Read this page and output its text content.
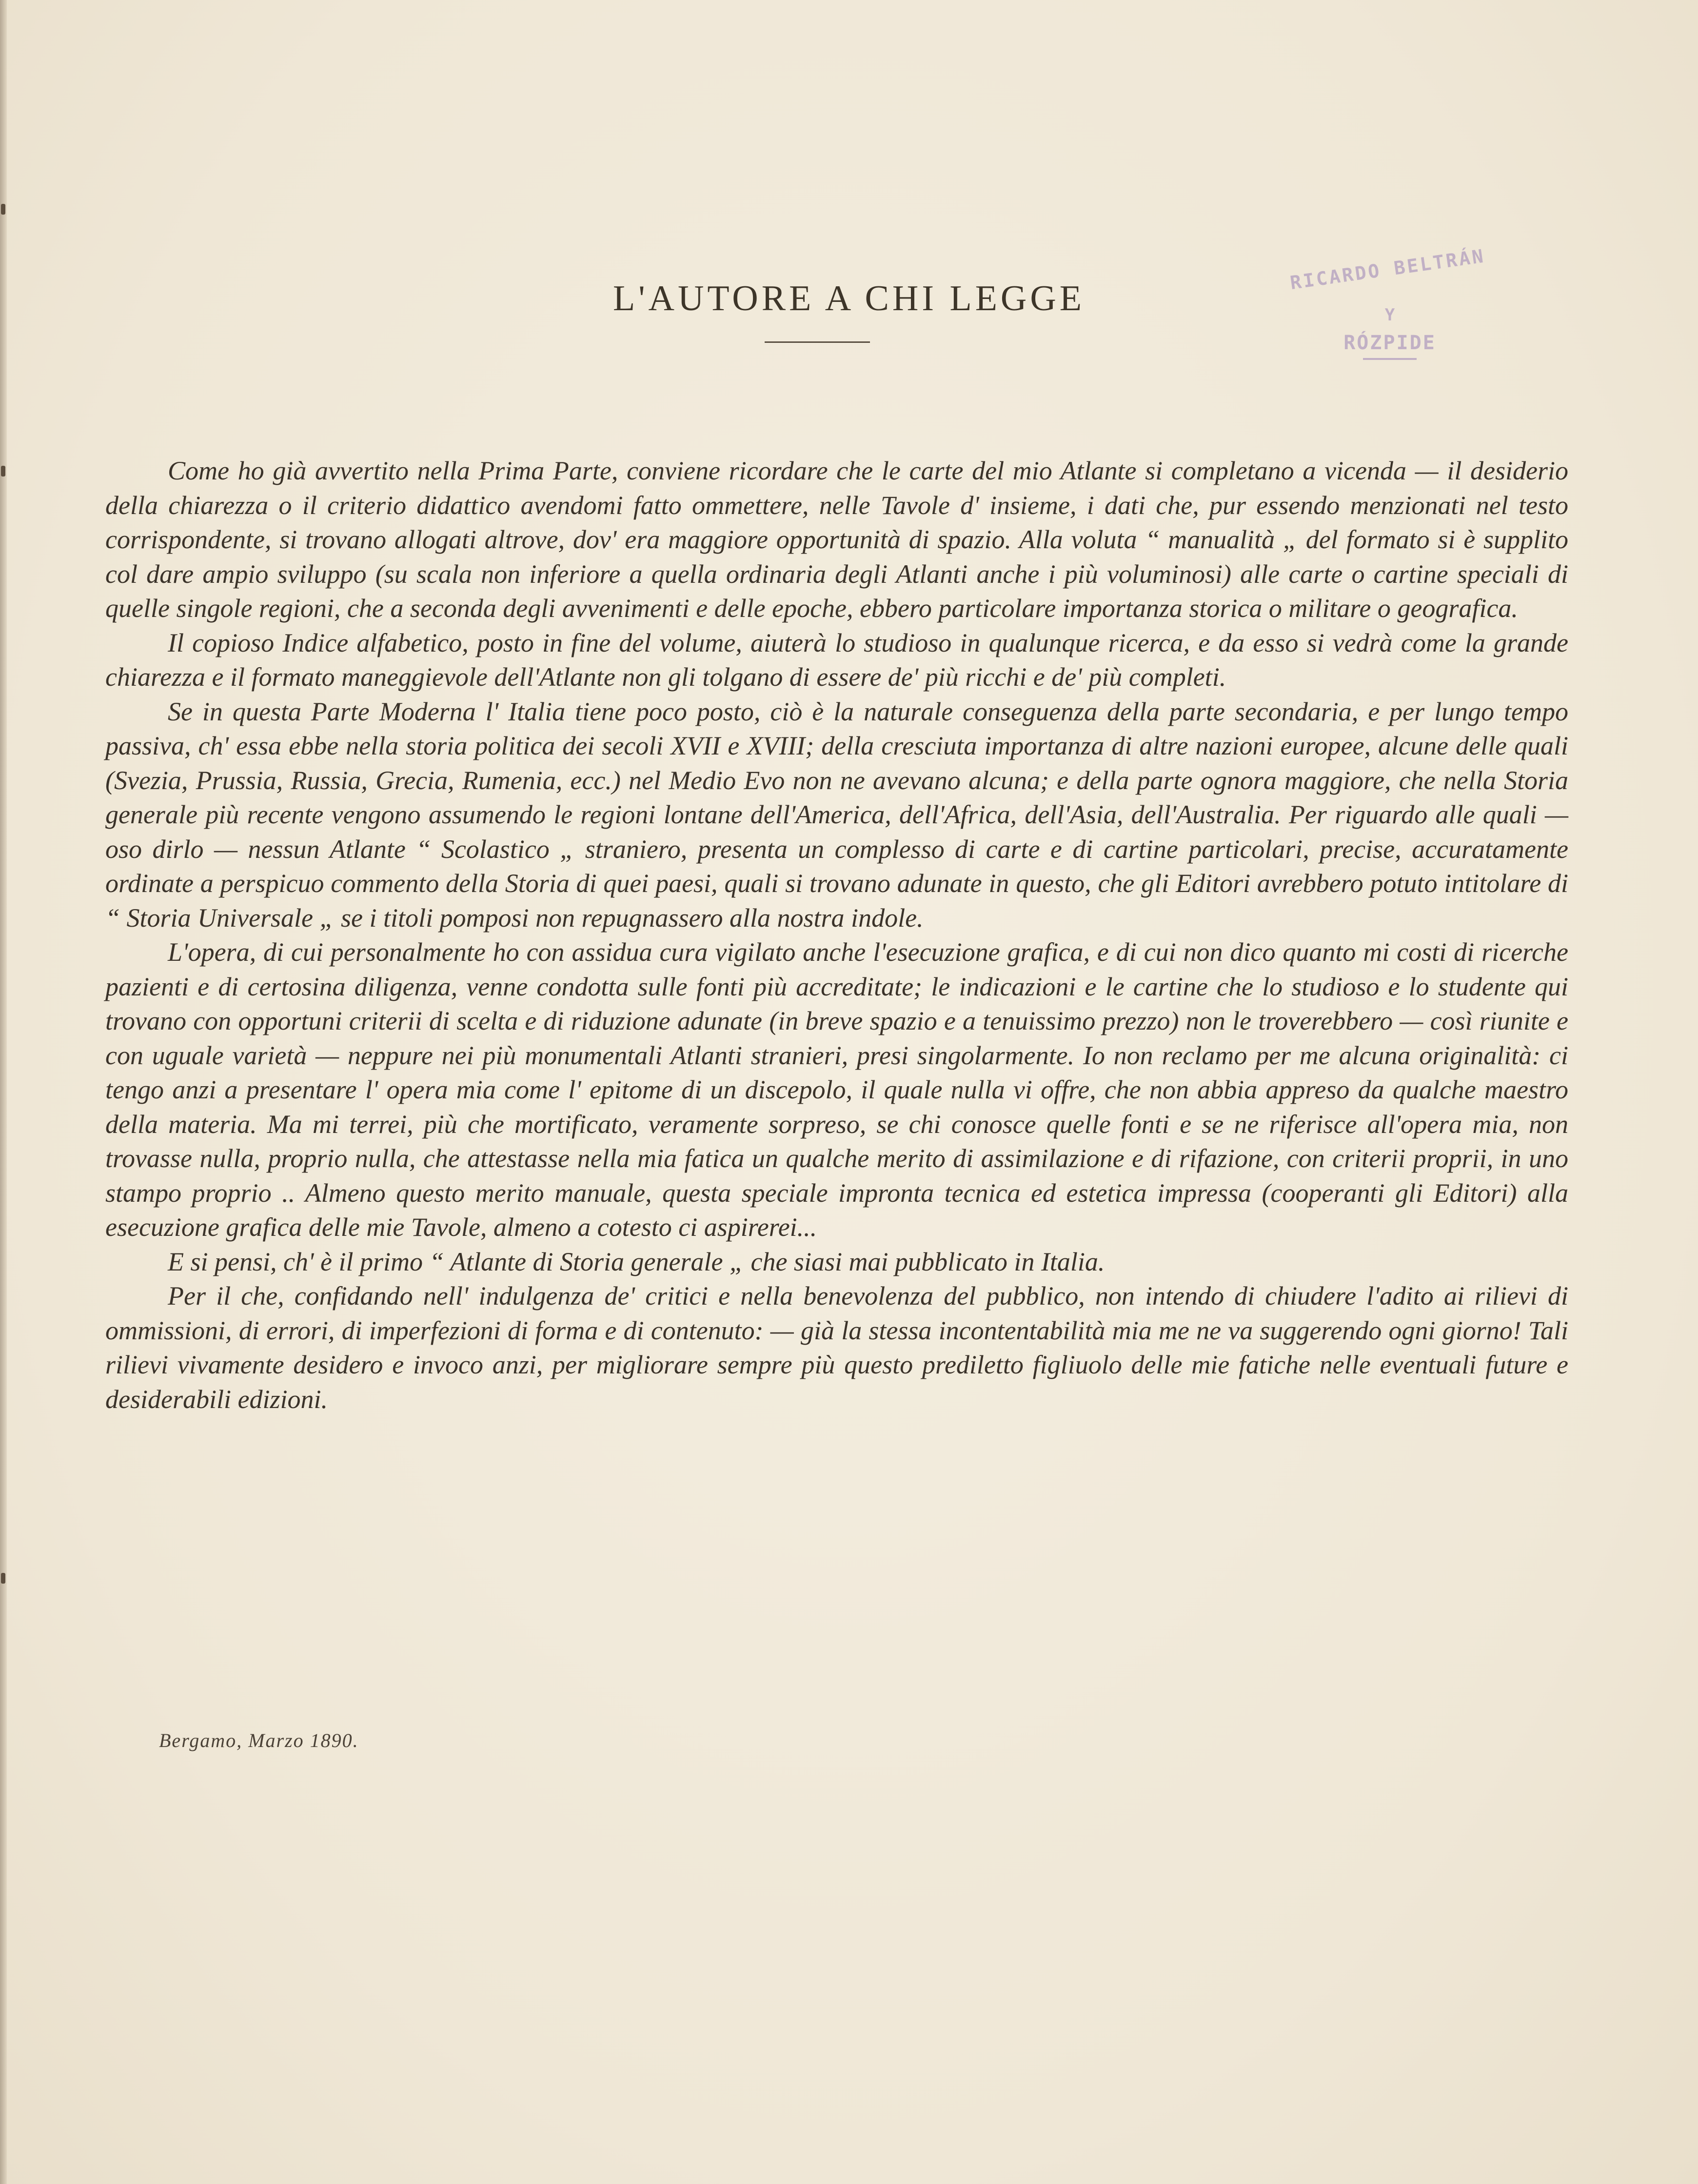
L'AUTORE A CHI LEGGE
RICARDO BELTRÁN
Y
RÓZPIDE

Come ho già avvertito nella Prima Parte, conviene ricordare che le carte del mio Atlante si completano a vicenda — il desiderio della chiarezza o il criterio didattico avendomi fatto ommettere, nelle Tavole d' insieme, i dati che, pur essendo menzionati nel testo corrispondente, si trovano allogati altrove, dov' era maggiore opportunità di spazio. Alla voluta “ manualità „ del formato si è supplito col dare ampio sviluppo (su scala non inferiore a quella ordinaria degli Atlanti anche i più voluminosi) alle carte o cartine speciali di quelle singole regioni, che a seconda degli avvenimenti e delle epoche, ebbero particolare importanza storica o militare o geografica.

Il copioso Indice alfabetico, posto in fine del volume, aiuterà lo studioso in qualunque ricerca, e da esso si vedrà come la grande chiarezza e il formato maneggievole dell'Atlante non gli tolgano di essere de' più ricchi e de' più completi.

Se in questa Parte Moderna l' Italia tiene poco posto, ciò è la naturale conseguenza della parte secondaria, e per lungo tempo passiva, ch' essa ebbe nella storia politica dei secoli XVII e XVIII; della cresciuta importanza di altre nazioni europee, alcune delle quali (Svezia, Prussia, Russia, Grecia, Rumenia, ecc.) nel Medio Evo non ne avevano alcuna; e della parte ognora maggiore, che nella Storia generale più recente vengono assumendo le regioni lontane dell'America, dell'Africa, dell'Asia, dell'Australia. Per riguardo alle quali — oso dirlo — nessun Atlante “ Scolastico „ straniero, presenta un complesso di carte e di cartine particolari, precise, accuratamente ordinate a perspicuo commento della Storia di quei paesi, quali si trovano adunate in questo, che gli Editori avrebbero potuto intitolare di “ Storia Universale „ se i titoli pomposi non repugnassero alla nostra indole.

L'opera, di cui personalmente ho con assidua cura vigilato anche l'esecuzione grafica, e di cui non dico quanto mi costi di ricerche pazienti e di certosina diligenza, venne condotta sulle fonti più accreditate; le indicazioni e le cartine che lo studioso e lo studente qui trovano con opportuni criterii di scelta e di riduzione adunate (in breve spazio e a tenuissimo prezzo) non le troverebbero — così riunite e con uguale varietà — neppure nei più monumentali Atlanti stranieri, presi singolarmente. Io non reclamo per me alcuna originalità: ci tengo anzi a presentare l' opera mia come l' epitome di un discepolo, il quale nulla vi offre, che non abbia appreso da qualche maestro della materia. Ma mi terrei, più che mortificato, veramente sorpreso, se chi conosce quelle fonti e se ne riferisce all'opera mia, non trovasse nulla, proprio nulla, che attestasse nella mia fatica un qualche merito di assimilazione e di rifazione, con criterii proprii, in uno stampo proprio .. Almeno questo merito manuale, questa speciale impronta tecnica ed estetica impressa (cooperanti gli Editori) alla esecuzione grafica delle mie Tavole, almeno a cotesto ci aspirerei...

E si pensi, ch' è il primo “ Atlante di Storia generale „ che siasi mai pubblicato in Italia.

Per il che, confidando nell' indulgenza de' critici e nella benevolenza del pubblico, non intendo di chiudere l'adito ai rilievi di ommissioni, di errori, di imperfezioni di forma e di contenuto: — già la stessa incontentabilità mia me ne va suggerendo ogni giorno! Tali rilievi vivamente desidero e invoco anzi, per migliorare sempre più questo prediletto figliuolo delle mie fatiche nelle eventuali future e desiderabili edizioni.

Bergamo, Marzo 1890.
